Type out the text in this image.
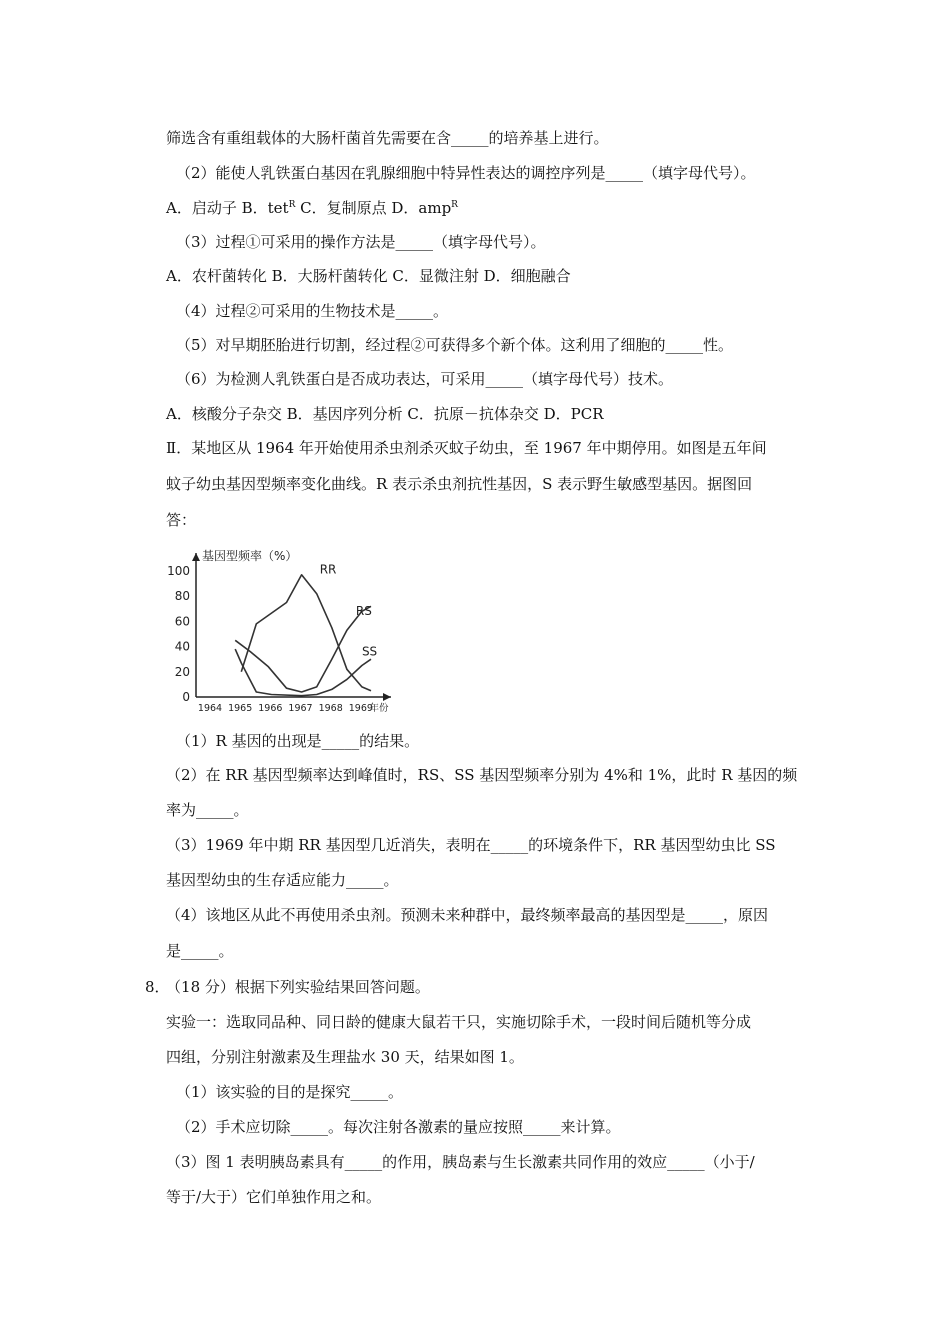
筛选含有重组载体的大肠杆菌首先需要在含_____的培养基上进行。
（2）能使人乳铁蛋白基因在乳腺细胞中特异性表达的调控序列是_____（填字母代号）。
A．启动子 B．tet$^R$ C．复制原点 D．amp$^R$
（3）过程①可采用的操作方法是_____（填字母代号）。
A．农杆菌转化 B．大肠杆菌转化 C．显微注射 D．细胞融合
（4）过程②可采用的生物技术是_____。
（5）对早期胚胎进行切割，经过程②可获得多个新个体。这利用了细胞的_____性。
（6）为检测人乳铁蛋白是否成功表达，可采用_____（填字母代号）技术。
A．核酸分子杂交 B．基因序列分析 C．抗原－抗体杂交 D．PCR
Ⅱ．某地区从 1964 年开始使用杀虫剂杀灭蚊子幼虫，至 1967 年中期停用。如图是五年间
蚊子幼虫基因型频率变化曲线。R 表示杀虫剂抗性基因，S 表示野生敏感型基因。据图回
答：
基因型频率（%）
0
20
40
60
80
100
1964 1965 1966 1967 1968 1969
年份
RR
RS
SS
（1）R 基因的出现是_____的结果。
（2）在 RR 基因型频率达到峰值时，RS、SS 基因型频率分别为 4%和 1%，此时 R 基因的频
率为_____。
（3）1969 年中期 RR 基因型几近消失，表明在_____的环境条件下，RR 基因型幼虫比 SS
基因型幼虫的生存适应能力_____。
（4）该地区从此不再使用杀虫剂。预测未来种群中，最终频率最高的基因型是_____，原因
是_____。
8． （18 分）根据下列实验结果回答问题。
实验一：选取同品种、同日龄的健康大鼠若干只，实施切除手术，一段时间后随机等分成
四组，分别注射激素及生理盐水 30 天，结果如图 1。
（1）该实验的目的是探究_____。
（2）手术应切除_____。每次注射各激素的量应按照_____来计算。
（3）图 1 表明胰岛素具有_____的作用，胰岛素与生长激素共同作用的效应_____（小于/
等于/大于）它们单独作用之和。
